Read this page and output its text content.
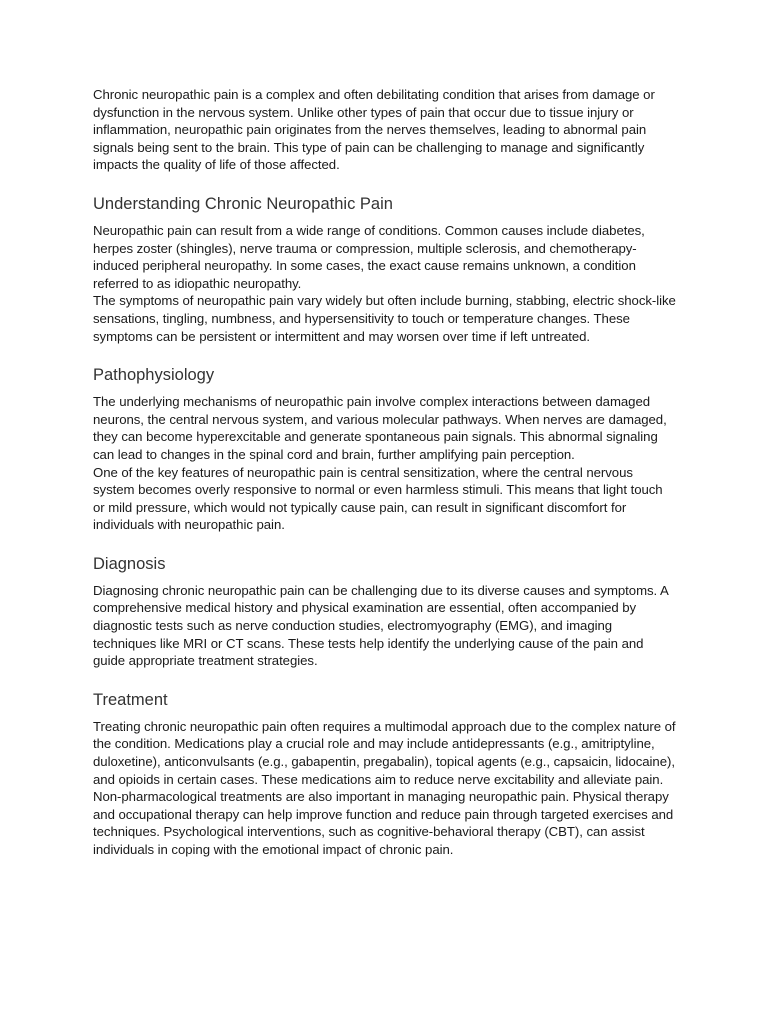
Chronic neuropathic pain is a complex and often debilitating condition that arises from damage or dysfunction in the nervous system. Unlike other types of pain that occur due to tissue injury or inflammation, neuropathic pain originates from the nerves themselves, leading to abnormal pain signals being sent to the brain. This type of pain can be challenging to manage and significantly impacts the quality of life of those affected.

Understanding Chronic Neuropathic Pain

Neuropathic pain can result from a wide range of conditions. Common causes include diabetes, herpes zoster (shingles), nerve trauma or compression, multiple sclerosis, and chemotherapy-induced peripheral neuropathy. In some cases, the exact cause remains unknown, a condition referred to as idiopathic neuropathy.

The symptoms of neuropathic pain vary widely but often include burning, stabbing, electric shock-like sensations, tingling, numbness, and hypersensitivity to touch or temperature changes. These symptoms can be persistent or intermittent and may worsen over time if left untreated.

Pathophysiology

The underlying mechanisms of neuropathic pain involve complex interactions between damaged neurons, the central nervous system, and various molecular pathways. When nerves are damaged, they can become hyperexcitable and generate spontaneous pain signals. This abnormal signaling can lead to changes in the spinal cord and brain, further amplifying pain perception.

One of the key features of neuropathic pain is central sensitization, where the central nervous system becomes overly responsive to normal or even harmless stimuli. This means that light touch or mild pressure, which would not typically cause pain, can result in significant discomfort for individuals with neuropathic pain.

Diagnosis

Diagnosing chronic neuropathic pain can be challenging due to its diverse causes and symptoms. A comprehensive medical history and physical examination are essential, often accompanied by diagnostic tests such as nerve conduction studies, electromyography (EMG), and imaging techniques like MRI or CT scans. These tests help identify the underlying cause of the pain and guide appropriate treatment strategies.

Treatment

Treating chronic neuropathic pain often requires a multimodal approach due to the complex nature of the condition. Medications play a crucial role and may include antidepressants (e.g., amitriptyline, duloxetine), anticonvulsants (e.g., gabapentin, pregabalin), topical agents (e.g., capsaicin, lidocaine), and opioids in certain cases. These medications aim to reduce nerve excitability and alleviate pain.

Non-pharmacological treatments are also important in managing neuropathic pain. Physical therapy and occupational therapy can help improve function and reduce pain through targeted exercises and techniques. Psychological interventions, such as cognitive-behavioral therapy (CBT), can assist individuals in coping with the emotional impact of chronic pain.
